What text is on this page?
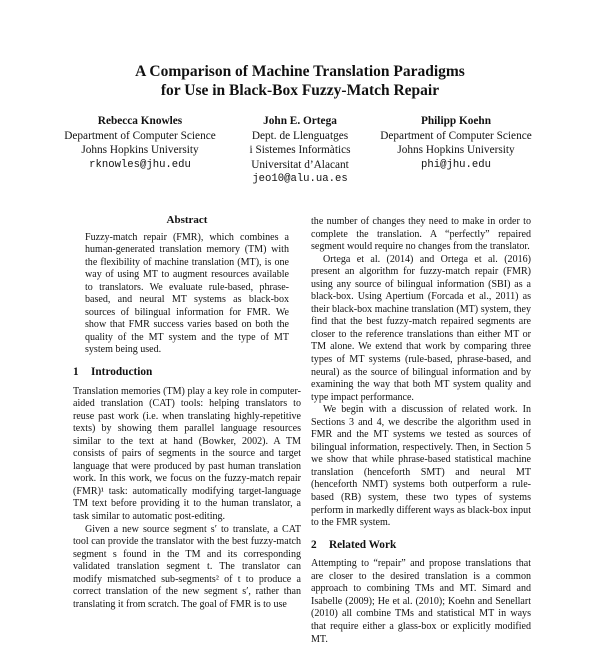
A Comparison of Machine Translation Paradigms
for Use in Black-Box Fuzzy-Match Repair
Rebecca Knowles
Department of Computer Science
Johns Hopkins University
rknowles@jhu.edu
John E. Ortega
Dept. de Llenguatges
i Sistemes Informàtics
Universitat d’Alacant
jeo10@alu.ua.es
Philipp Koehn
Department of Computer Science
Johns Hopkins University
phi@jhu.edu
Abstract

Fuzzy-match repair (FMR), which combines a human-generated translation memory (TM) with the flexibility of machine translation (MT), is one way of using MT to augment resources available to translators. We evaluate rule-based, phrase-based, and neural MT systems as black-box sources of bilingual information for FMR. We show that FMR success varies based on both the quality of the MT system and the type of MT system being used.

1 Introduction

Translation memories (TM) play a key role in computer-aided translation (CAT) tools: helping translators to reuse past work (i.e. when translating highly-repetitive texts) by showing them parallel language resources similar to the text at hand (Bowker, 2002). A TM consists of pairs of segments in the source and target language that were produced by past human translation work. In this work, we focus on the fuzzy-match repair (FMR)¹ task: automatically modifying target-language TM text before providing it to the human translator, a task similar to automatic post-editing.

Given a new source segment s′ to translate, a CAT tool can provide the translator with the best fuzzy-match segment s found in the TM and its corresponding validated translation segment t. The translator can modify mismatched sub-segments² of t to produce a correct translation of the new segment s′, rather than translating it from scratch. The goal of FMR is to use

the number of changes they need to make in order to complete the translation. A “perfectly” repaired segment would require no changes from the translator.

Ortega et al. (2014) and Ortega et al. (2016) present an algorithm for fuzzy-match repair (FMR) using any source of bilingual information (SBI) as a black-box. Using Apertium (Forcada et al., 2011) as their black-box machine translation (MT) system, they find that the best fuzzy-match repaired segments are closer to the reference translations than either MT or TM alone. We extend that work by comparing three types of MT systems (rule-based, phrase-based, and neural) as the source of bilingual information and by examining the way that both MT system quality and type impact performance.

We begin with a discussion of related work. In Sections 3 and 4, we describe the algorithm used in FMR and the MT systems we tested as sources of bilingual information, respectively. Then, in Section 5 we show that while phrase-based statistical machine translation (henceforth SMT) and neural MT (henceforth NMT) systems both outperform a rule-based (RB) system, these two types of systems perform in markedly different ways as black-box input to the FMR system.

2 Related Work

Attempting to “repair” and propose translations that are closer to the desired translation is a common approach to combining TMs and MT. Simard and Isabelle (2009); He et al. (2010); Koehn and Senellart (2010) all combine TMs and statistical MT in ways that require either a glass-box or explicitly modified MT.
